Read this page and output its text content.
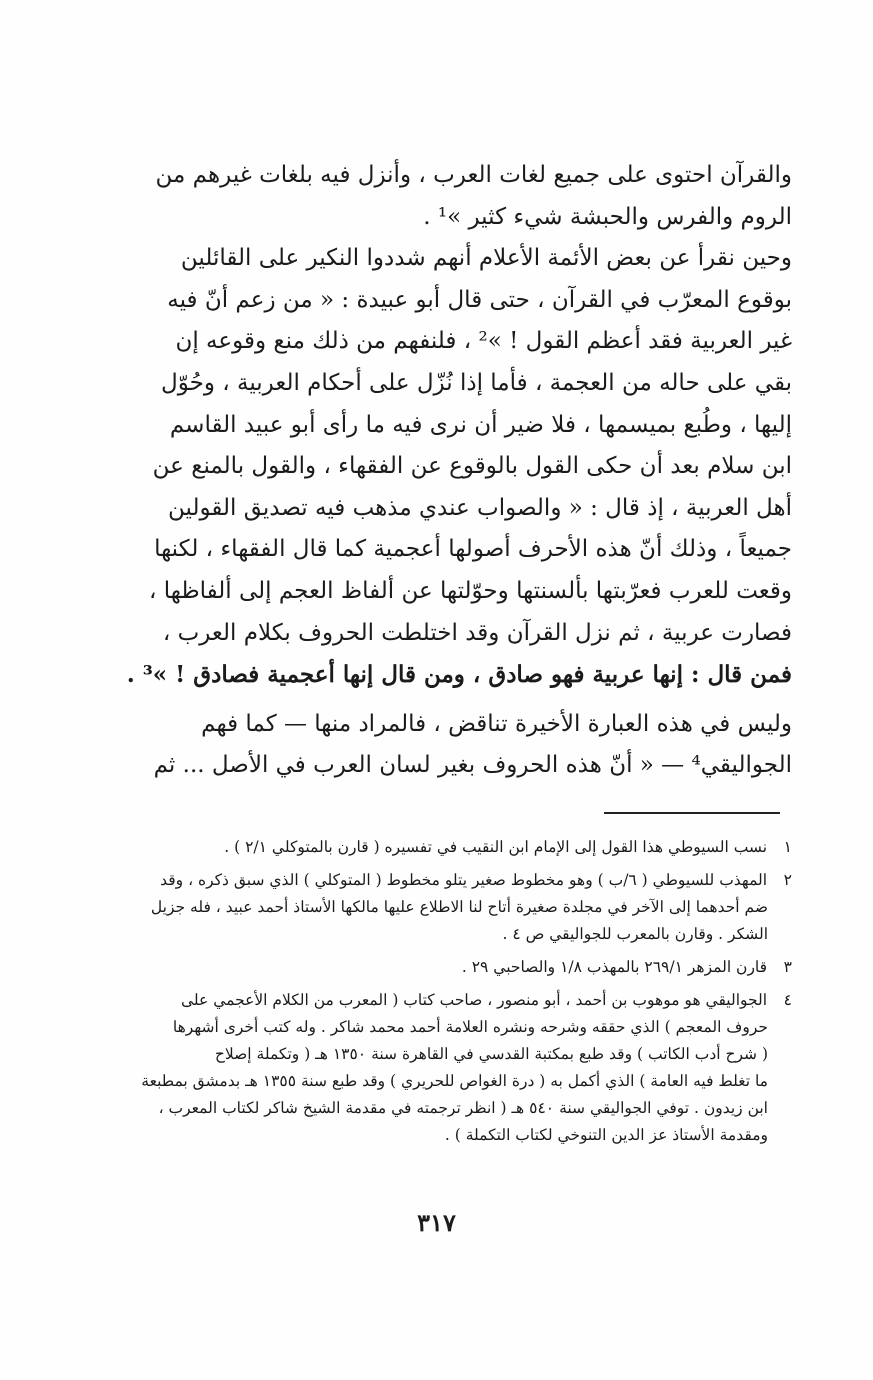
والقرآن احتوى على جميع لغات العرب ، وأنزل فيه بلغات غيرهم من
الروم والفرس والحبشة شيء كثير »¹ .
وحين نقرأ عن بعض الأئمة الأعلام أنهم شددوا النكير على القائلين
بوقوع المعرّب في القرآن ، حتى قال أبو عبيدة : « من زعم أنّ فيه
غير العربية فقد أعظم القول ! »² ، فلنفهم من ذلك منع وقوعه إن
بقي على حاله من العجمة ، فأما إذا نُزّل على أحكام العربية ، وحُوّل
إليها ، وطُبع بميسمها ، فلا ضير أن نرى فيه ما رأى أبو عبيد القاسم
ابن سلام بعد أن حكى القول بالوقوع عن الفقهاء ، والقول بالمنع عن
أهل العربية ، إذ قال : « والصواب عندي مذهب فيه تصديق القولين
جميعاً ، وذلك أنّ هذه الأحرف أصولها أعجمية كما قال الفقهاء ، لكنها
وقعت للعرب فعرّبتها بألسنتها وحوّلتها عن ألفاظ العجم إلى ألفاظها ،
فصارت عربية ، ثم نزل القرآن وقد اختلطت الحروف بكلام العرب ،
فمن قال : إنها عربية فهو صادق ، ومن قال إنها أعجمية فصادق ! »³ .
وليس في هذه العبارة الأخيرة تناقض ، فالمراد منها — كما فهم
الجواليقي⁴ — « أنّ هذه الحروف بغير لسان العرب في الأصل ... ثم
١ نسب السيوطي هذا القول إلى الإمام ابن النقيب في تفسيره ( قارن بالمتوكلي ٢/١ ) .
٢ المهذب للسيوطي ( ٦/ب ) وهو مخطوط صغير يتلو مخطوط ( المتوكلي ) الذي سبق ذكره ، وقد
ضم أحدهما إلى الآخر في مجلدة صغيرة أتاح لنا الاطلاع عليها مالكها الأستاذ أحمد عبيد ، فله جزيل
الشكر . وقارن بالمعرب للجواليقي ص ٤ .
٣ قارن المزهر ٢٦٩/١ بالمهذب ١/٨ والصاحبي ٢٩ .
٤ الجواليقي هو موهوب بن أحمد ، أبو منصور ، صاحب كتاب ( المعرب من الكلام الأعجمي على
حروف المعجم ) الذي حققه وشرحه ونشره العلامة أحمد محمد شاكر . وله كتب أخرى أشهرها
( شرح أدب الكاتب ) وقد طبع بمكتبة القدسي في القاهرة سنة ١٣٥٠ هـ ( وتكملة إصلاح
ما تغلط فيه العامة ) الذي أكمل به ( درة الغواص للحريري ) وقد طبع سنة ١٣٥٥ هـ بدمشق بمطبعة
ابن زيدون . توفي الجواليقي سنة ٥٤٠ هـ ( انظر ترجمته في مقدمة الشيخ شاكر لكتاب المعرب ،
ومقدمة الأستاذ عز الدين التنوخي لكتاب التكملة ) .
٣١٧
